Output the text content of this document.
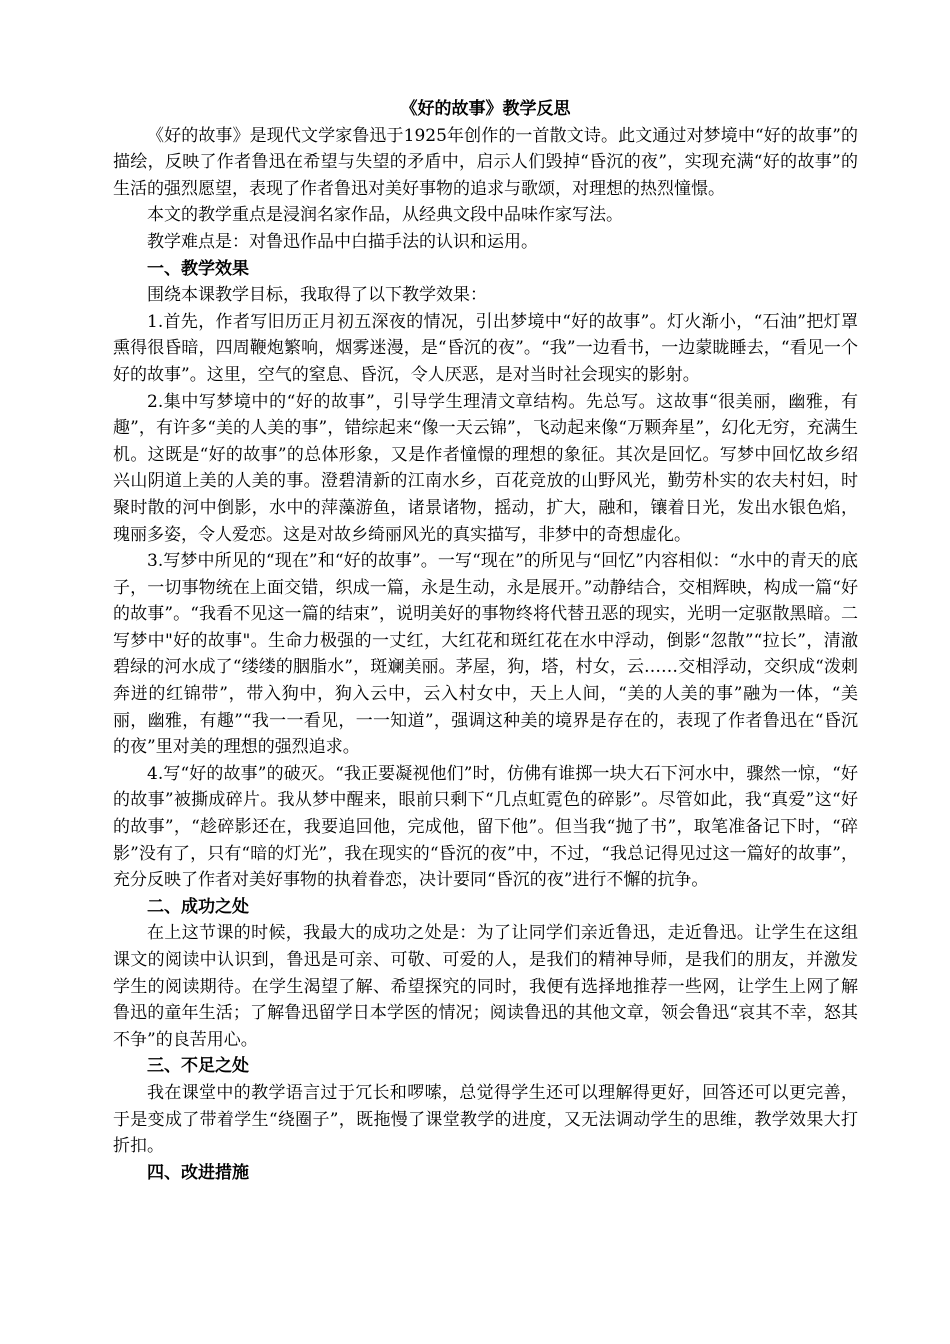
《好的故事》教学反思

《好的故事》是现代文学家鲁迅于1925年创作的一首散文诗。此文通过对梦境中“好的故事”的描绘，反映了作者鲁迅在希望与失望的矛盾中，启示人们毁掉“昏沉的夜”，实现充满“好的故事”的生活的强烈愿望，表现了作者鲁迅对美好事物的追求与歌颂，对理想的热烈憧憬。

本文的教学重点是浸润名家作品，从经典文段中品味作家写法。

教学难点是：对鲁迅作品中白描手法的认识和运用。

一、教学效果

围绕本课教学目标，我取得了以下教学效果：

1.首先，作者写旧历正月初五深夜的情况，引出梦境中“好的故事”。灯火渐小，“石油”把灯罩熏得很昏暗，四周鞭炮繁响，烟雾迷漫，是“昏沉的夜”。“我”一边看书，一边蒙眬睡去，“看见一个好的故事”。这里，空气的窒息、昏沉，令人厌恶，是对当时社会现实的影射。

2.集中写梦境中的“好的故事”，引导学生理清文章结构。先总写。这故事“很美丽，幽雅，有趣”，有许多“美的人美的事”，错综起来“像一天云锦”，飞动起来像“万颗奔星”，幻化无穷，充满生机。这既是“好的故事”的总体形象，又是作者憧憬的理想的象征。其次是回忆。写梦中回忆故乡绍兴山阴道上美的人美的事。澄碧清新的江南水乡，百花竞放的山野风光，勤劳朴实的农夫村妇，时聚时散的河中倒影，水中的萍藻游鱼，诸景诸物，摇动，扩大，融和，镶着日光，发出水银色焰，瑰丽多姿，令人爱恋。这是对故乡绮丽风光的真实描写，非梦中的奇想虚化。

3.写梦中所见的“现在”和“好的故事”。一写“现在”的所见与“回忆”内容相似：“水中的青天的底子，一切事物统在上面交错，织成一篇，永是生动，永是展开。”动静结合，交相辉映，构成一篇“好的故事”。“我看不见这一篇的结束”，说明美好的事物终将代替丑恶的现实，光明一定驱散黑暗。二写梦中"好的故事"。生命力极强的一丈红，大红花和斑红花在水中浮动，倒影“忽散”“拉长”，清澈碧绿的河水成了“缕缕的胭脂水”，斑斓美丽。茅屋，狗，塔，村女，云……交相浮动，交织成“泼刺奔迸的红锦带”，带入狗中，狗入云中，云入村女中，天上人间，“美的人美的事”融为一体，“美丽，幽雅，有趣”“我一一看见，一一知道”，强调这种美的境界是存在的，表现了作者鲁迅在“昏沉的夜”里对美的理想的强烈追求。

4.写“好的故事”的破灭。“我正要凝视他们”时，仿佛有谁掷一块大石下河水中，骤然一惊，“好的故事”被撕成碎片。我从梦中醒来，眼前只剩下“几点虹霓色的碎影”。尽管如此，我“真爱”这“好的故事”，“趁碎影还在，我要追回他，完成他，留下他”。但当我“抛了书”，取笔准备记下时，“碎影”没有了，只有“暗的灯光”，我在现实的“昏沉的夜”中，不过，“我总记得见过这一篇好的故事”，充分反映了作者对美好事物的执着眷恋，决计要同“昏沉的夜”进行不懈的抗争。

二、成功之处

在上这节课的时候，我最大的成功之处是：为了让同学们亲近鲁迅，走近鲁迅。让学生在这组课文的阅读中认识到，鲁迅是可亲、可敬、可爱的人，是我们的精神导师，是我们的朋友，并激发学生的阅读期待。在学生渴望了解、希望探究的同时，我便有选择地推荐一些网，让学生上网了解鲁迅的童年生活；了解鲁迅留学日本学医的情况；阅读鲁迅的其他文章，领会鲁迅“哀其不幸，怒其不争”的良苦用心。

三、不足之处

我在课堂中的教学语言过于冗长和啰嗦，总觉得学生还可以理解得更好，回答还可以更完善，于是变成了带着学生“绕圈子”，既拖慢了课堂教学的进度，又无法调动学生的思维，教学效果大打折扣。

四、改进措施
